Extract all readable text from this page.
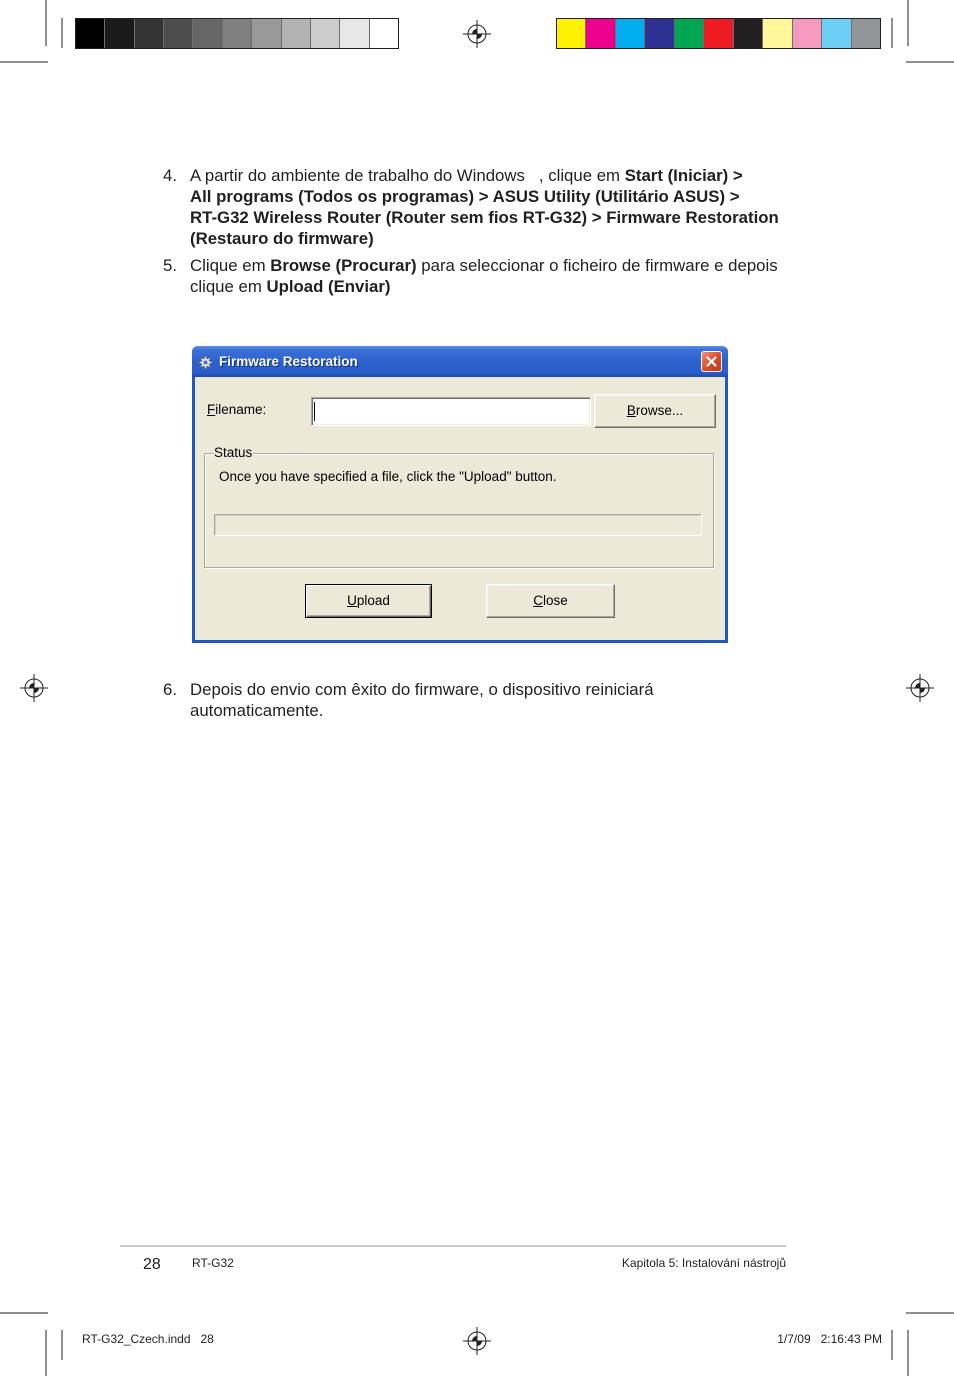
4. A partir do ambiente de trabalho do Windows   , clique em Start (Iniciar) >
All programs (Todos os programas) > ASUS Utility (Utilitário ASUS) >
RT-G32 Wireless Router (Router sem fios RT-G32) > Firmware Restoration
(Restauro do firmware)
5. Clique em Browse (Procurar) para seleccionar o ficheiro de firmware e depois
clique em Upload (Enviar)
Firmware Restoration
Filename:	Browse...
Status
Once you have specified a file, click the "Upload" button.
Upload	Close
6. Depois do envio com êxito do firmware, o dispositivo reiniciará
automaticamente.
28	RT-G32	Kapitola 5: Instalování nástrojů
RT-G32_Czech.indd   28	1/7/09   2:16:43 PM
